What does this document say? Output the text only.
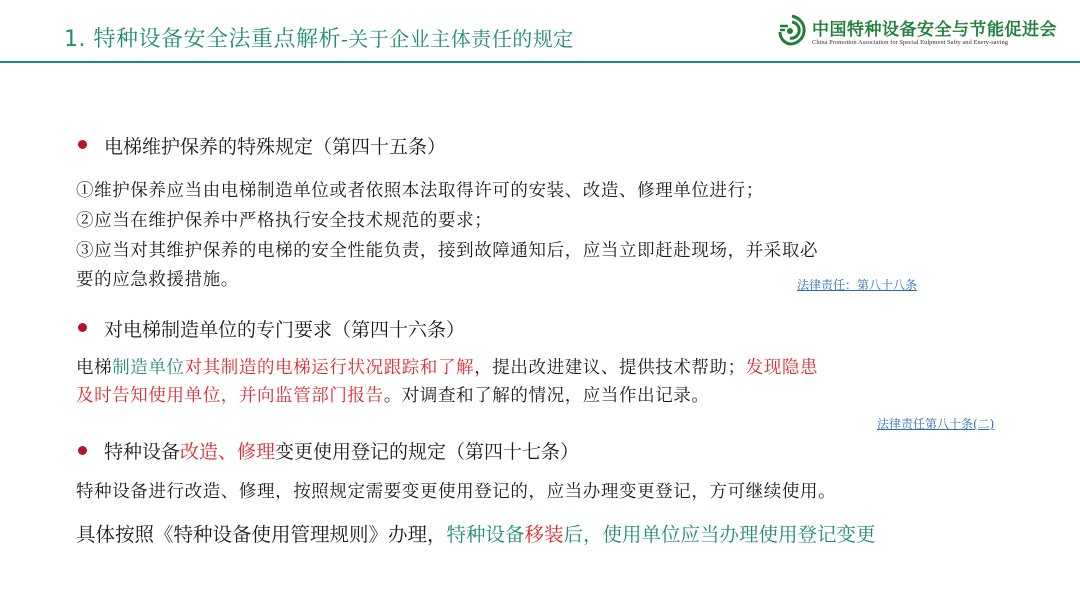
1. 特种设备安全法重点解析-关于企业主体责任的规定	中国特种设备安全与节能促进会
China Promotion Association for Special Eulpment Safty and Enery-saving
电梯维护保养的特殊规定（第四十五条）
①维护保养应当由电梯制造单位或者依照本法取得许可的安装、改造、修理单位进行；
②应当在维护保养中严格执行安全技术规范的要求；
③应当对其维护保养的电梯的安全性能负责，接到故障通知后，应当立即赶赴现场，并采取必
要的应急救援措施。	法律责任：第八十八条
对电梯制造单位的专门要求（第四十六条）
电梯制造单位对其制造的电梯运行状况跟踪和了解，提出改进建议、提供技术帮助；发现隐患
及时告知使用单位，并向监管部门报告。对调查和了解的情况，应当作出记录。
法律责任第八十条(二)
特种设备改造、修理变更使用登记的规定（第四十七条）
特种设备进行改造、修理，按照规定需要变更使用登记的，应当办理变更登记，方可继续使用。
具体按照《特种设备使用管理规则》办理，特种设备移装后，使用单位应当办理使用登记变更
